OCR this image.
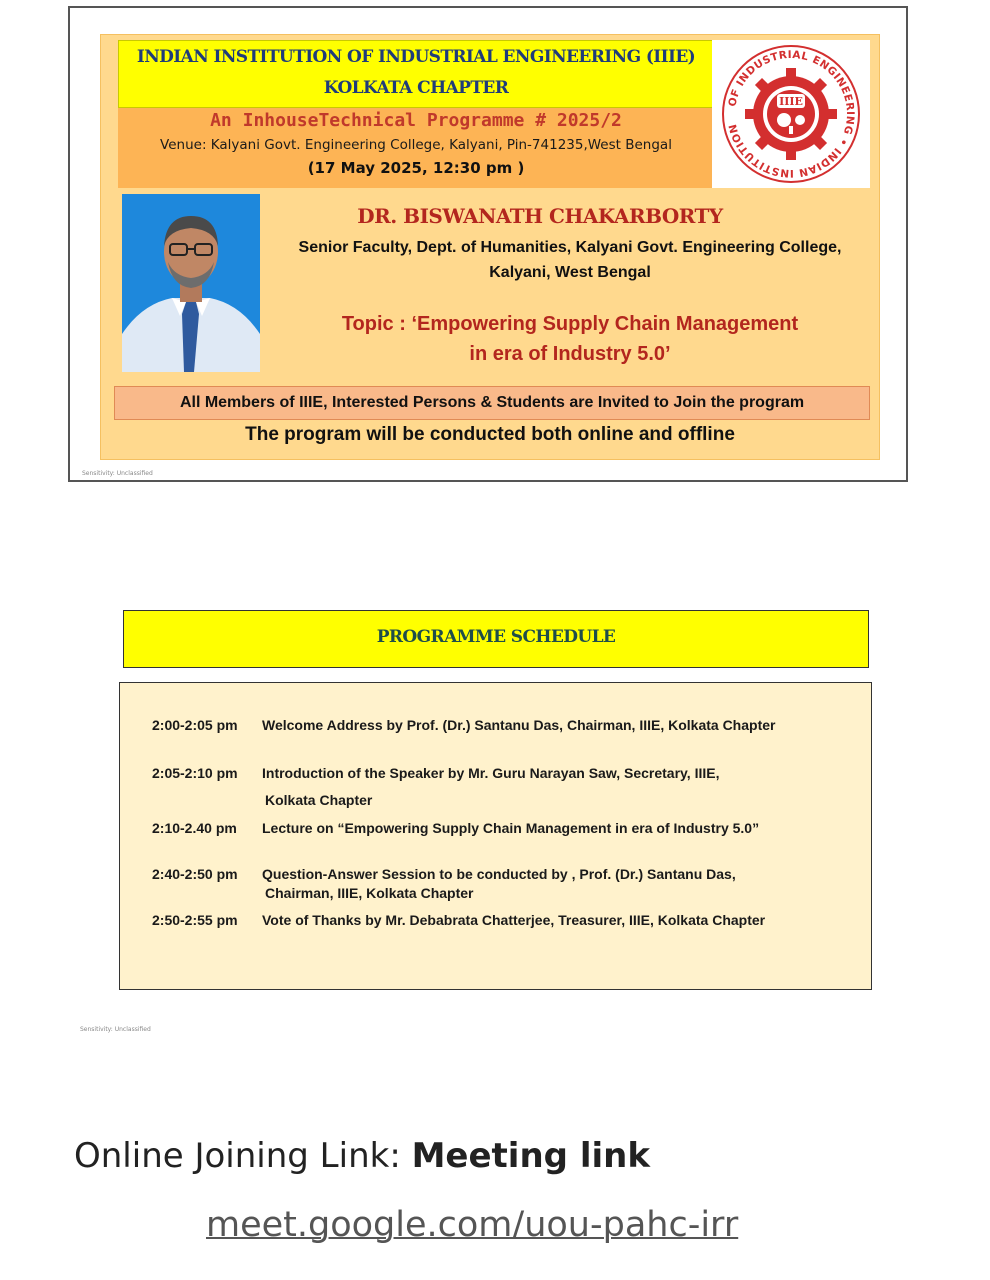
INDIAN INSTITUTION OF INDUSTRIAL ENGINEERING (IIIE)
KOLKATA CHAPTER
An InhouseTechnical Programme # 2025/2
Venue: Kalyani Govt. Engineering College, Kalyani, Pin-741235,West Bengal
(17 May 2025, 12:30 pm )
OF INDUSTRIAL ENGINEERING • INDIAN INSTITUTION
IIIE
DR. BISWANATH CHAKARBORTY
Senior Faculty, Dept. of Humanities, Kalyani Govt. Engineering College,
Kalyani, West Bengal
Topic : ‘Empowering Supply Chain Management
in era of Industry 5.0’
All Members of IIIE, Interested Persons & Students are Invited to Join the program
The program will be conducted both online and offline
Sensitivity: Unclassified
PROGRAMME SCHEDULE
2:00-2:05 pm Welcome Address by Prof. (Dr.) Santanu Das, Chairman, IIIE, Kolkata Chapter
2:05-2:10 pm Introduction of the Speaker by Mr. Guru Narayan Saw, Secretary, IIIE,
Kolkata Chapter
2:10-2.40 pm Lecture on “Empowering Supply Chain Management in era of Industry 5.0”
2:40-2:50 pm Question-Answer Session to be conducted by , Prof. (Dr.) Santanu Das,
Chairman, IIIE, Kolkata Chapter
2:50-2:55 pm Vote of Thanks by Mr. Debabrata Chatterjee, Treasurer, IIIE, Kolkata Chapter
Sensitivity: Unclassified
Online Joining Link: Meeting link
meet.google.com/uou-pahc-irr
